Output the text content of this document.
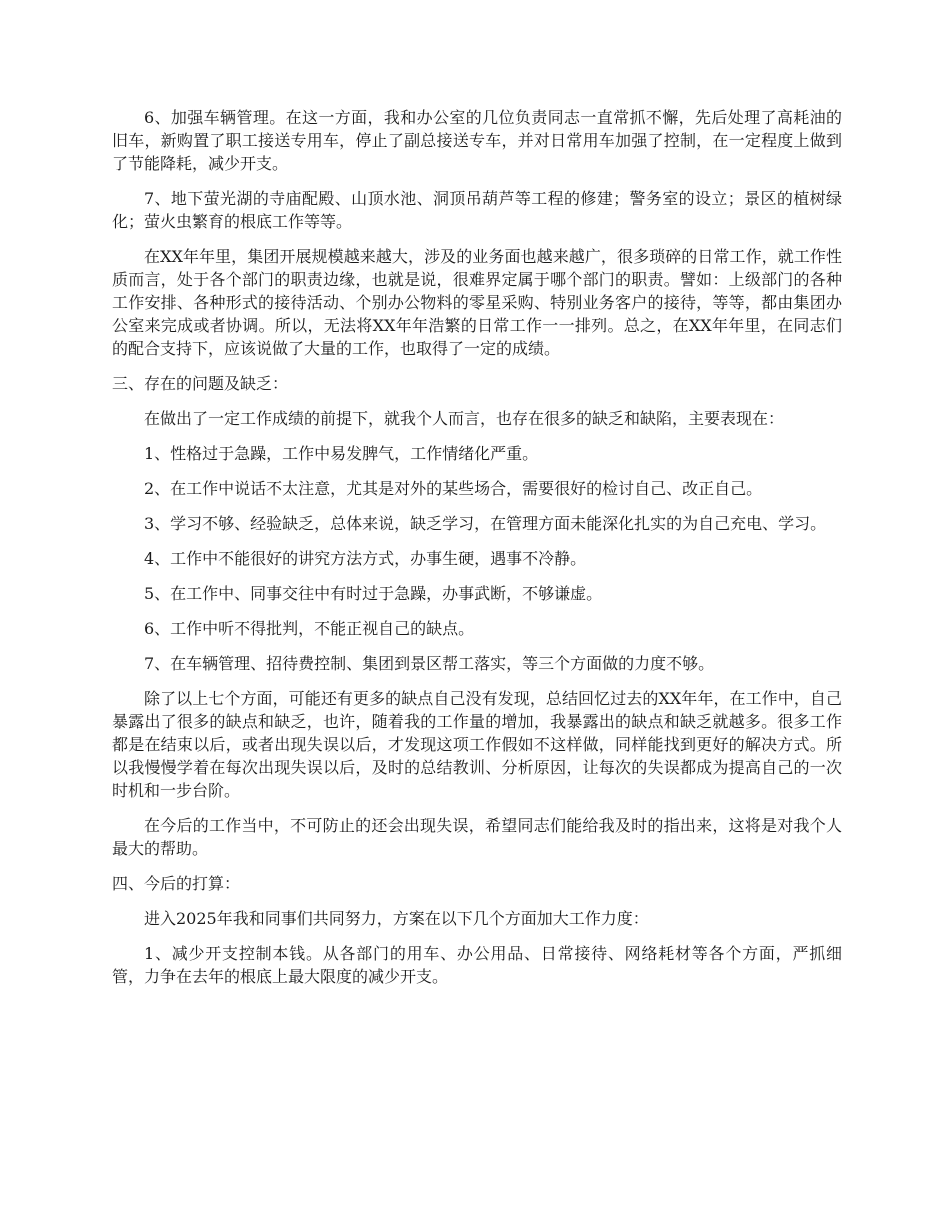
6、加强车辆管理。在这一方面，我和办公室的几位负责同志一直常抓不懈，先后处理了高耗油的旧车，新购置了职工接送专用车，停止了副总接送专车，并对日常用车加强了控制，在一定程度上做到了节能降耗，减少开支。

7、地下萤光湖的寺庙配殿、山顶水池、洞顶吊葫芦等工程的修建；警务室的设立；景区的植树绿化；萤火虫繁育的根底工作等等。

在XX年年里，集团开展规模越来越大，涉及的业务面也越来越广，很多琐碎的日常工作，就工作性质而言，处于各个部门的职责边缘，也就是说，很难界定属于哪个部门的职责。譬如：上级部门的各种工作安排、各种形式的接待活动、个别办公物料的零星采购、特别业务客户的接待，等等，都由集团办公室来完成或者协调。所以，无法将XX年年浩繁的日常工作一一排列。总之，在XX年年里，在同志们的配合支持下，应该说做了大量的工作，也取得了一定的成绩。

三、存在的问题及缺乏：

在做出了一定工作成绩的前提下，就我个人而言，也存在很多的缺乏和缺陷，主要表现在：

1、性格过于急躁，工作中易发脾气，工作情绪化严重。

2、在工作中说话不太注意，尤其是对外的某些场合，需要很好的检讨自己、改正自己。

3、学习不够、经验缺乏，总体来说，缺乏学习，在管理方面未能深化扎实的为自己充电、学习。

4、工作中不能很好的讲究方法方式，办事生硬，遇事不冷静。

5、在工作中、同事交往中有时过于急躁，办事武断，不够谦虚。

6、工作中听不得批判，不能正视自己的缺点。

7、在车辆管理、招待费控制、集团到景区帮工落实，等三个方面做的力度不够。

除了以上七个方面，可能还有更多的缺点自己没有发现，总结回忆过去的XX年年，在工作中，自己暴露出了很多的缺点和缺乏，也许，随着我的工作量的增加，我暴露出的缺点和缺乏就越多。很多工作都是在结束以后，或者出现失误以后，才发现这项工作假如不这样做，同样能找到更好的解决方式。所以我慢慢学着在每次出现失误以后，及时的总结教训、分析原因，让每次的失误都成为提高自己的一次时机和一步台阶。

在今后的工作当中，不可防止的还会出现失误，希望同志们能给我及时的指出来，这将是对我个人最大的帮助。

四、今后的打算：

进入2025年我和同事们共同努力，方案在以下几个方面加大工作力度：

1、减少开支控制本钱。从各部门的用车、办公用品、日常接待、网络耗材等各个方面，严抓细管，力争在去年的根底上最大限度的减少开支。
